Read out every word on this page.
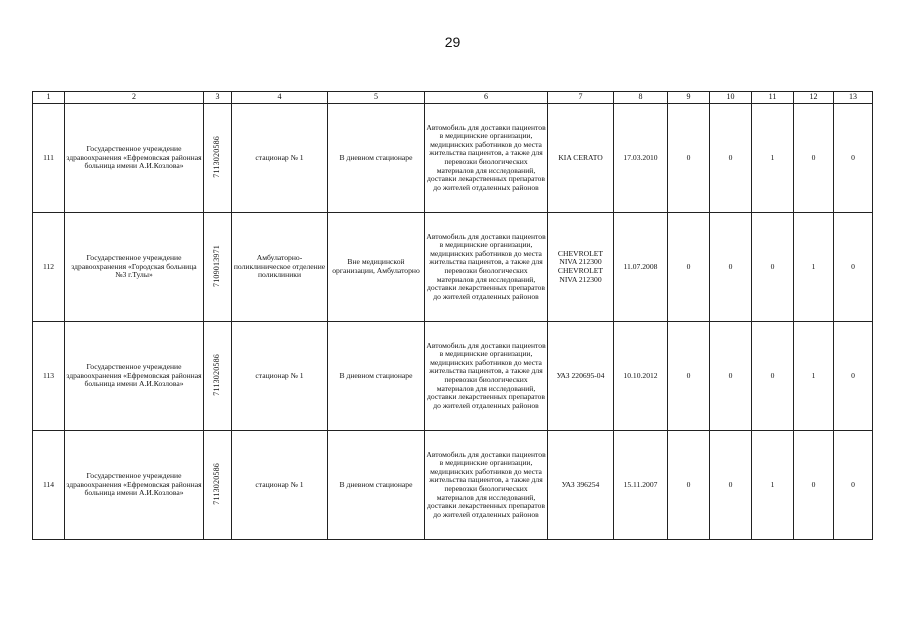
29
1	2	3	4	5	6	7	8	9	10	11	12	13
111	Государственное учреждение здравоохранения «Ефремовская районная больница имени А.И.Козлова»	7113020586	стационар № 1	В дневном стационаре	Автомобиль для доставки пациентов в медицинские организации, медицинских работников до места жительства пациентов, а также для перевозки биологических материалов для исследований, доставки лекарственных препаратов до жителей отдаленных районов	KIA CERATO	17.03.2010	0	0	1	0	0
112	Государственное учреждение здравоохранения «Городская больница №3 г.Тулы»	7109013971	Амбулаторно-поликлиническое отделение поликлиники	Вне медицинской организации, Амбулаторно	Автомобиль для доставки пациентов в медицинские организации, медицинских работников до места жительства пациентов, а также для перевозки биологических материалов для исследований, доставки лекарственных препаратов до жителей отдаленных районов	CHEVROLET NIVA 212300 CHEVROLET NIVA 212300	11.07.2008	0	0	0	1	0
113	Государственное учреждение здравоохранения «Ефремовская районная больница имени А.И.Козлова»	7113020586	стационар № 1	В дневном стационаре	Автомобиль для доставки пациентов в медицинские организации, медицинских работников до места жительства пациентов, а также для перевозки биологических материалов для исследований, доставки лекарственных препаратов до жителей отдаленных районов	УАЗ 220695-04	10.10.2012	0	0	0	1	0
114	Государственное учреждение здравоохранения «Ефремовская районная больница имени А.И.Козлова»	7113020586	стационар № 1	В дневном стационаре	Автомобиль для доставки пациентов в медицинские организации, медицинских работников до места жительства пациентов, а также для перевозки биологических материалов для исследований, доставки лекарственных препаратов до жителей отдаленных районов	УАЗ 396254	15.11.2007	0	0	1	0	0
